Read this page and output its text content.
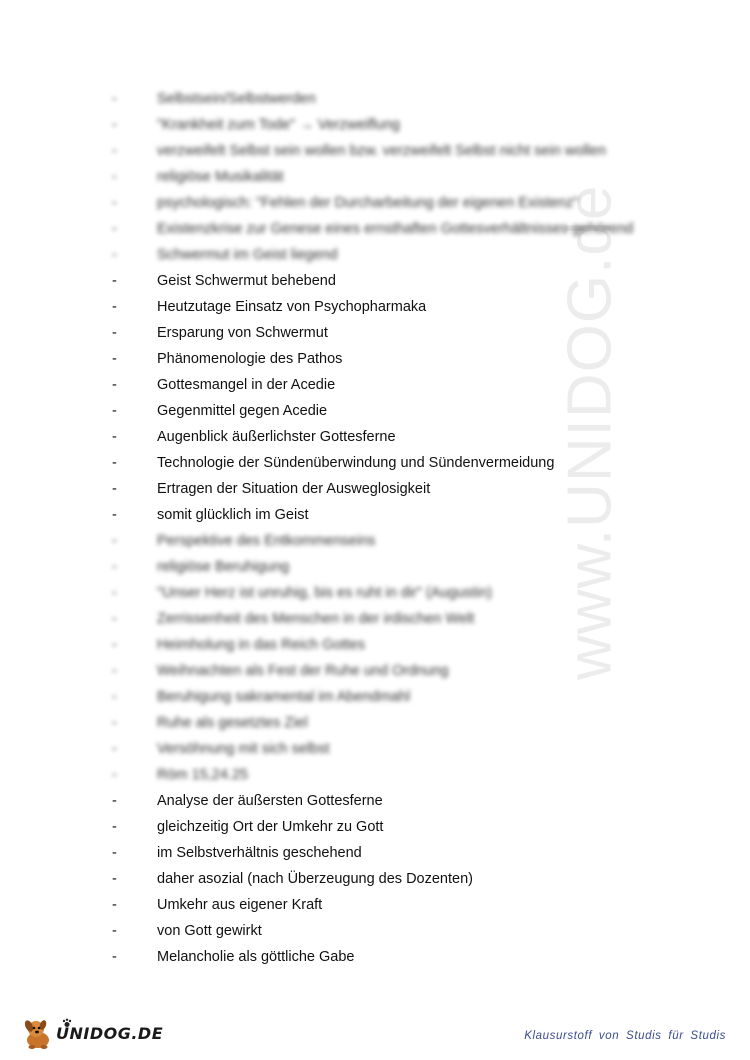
www.UNIDOG.de
-	Selbstsein/Selbstwerden
-	"Krankheit zum Tode" → Verzweiflung
-	verzweifelt Selbst sein wollen bzw. verzweifelt Selbst nicht sein wollen
-	religiöse Musikalität
-	psychologisch: "Fehlen der Durcharbeitung der eigenen Existenz"
-	Existenzkrise zur Genese eines ernsthaften Gottesverhältnisses gehörend
-	Schwermut im Geist liegend
-	Geist Schwermut behebend
-	Heutzutage Einsatz von Psychopharmaka
-	Ersparung von Schwermut
-	Phänomenologie des Pathos
-	Gottesmangel in der Acedie
-	Gegenmittel gegen Acedie
-	Augenblick äußerlichster Gottesferne
-	Technologie der Sündenüberwindung und Sündenvermeidung
-	Ertragen der Situation der Ausweglosigkeit
-	somit glücklich im Geist
-	Perspektive des Entkommenseins
-	religiöse Beruhigung
-	"Unser Herz ist unruhig, bis es ruht in dir" (Augustin)
-	Zerrissenheit des Menschen in der irdischen Welt
-	Heimholung in das Reich Gottes
-	Weihnachten als Fest der Ruhe und Ordnung
-	Beruhigung sakramental im Abendmahl
-	Ruhe als gesetztes Ziel
-	Versöhnung mit sich selbst
-	Röm 15,24.25
-	Analyse der äußersten Gottesferne
-	gleichzeitig Ort der Umkehr zu Gott
-	im Selbstverhältnis geschehend
-	daher asozial (nach Überzeugung des Dozenten)
-	Umkehr aus eigener Kraft
-	von Gott gewirkt
-	Melancholie als göttliche Gabe
UNIDOG.DE	Klausurstoff von Studis für Studis
